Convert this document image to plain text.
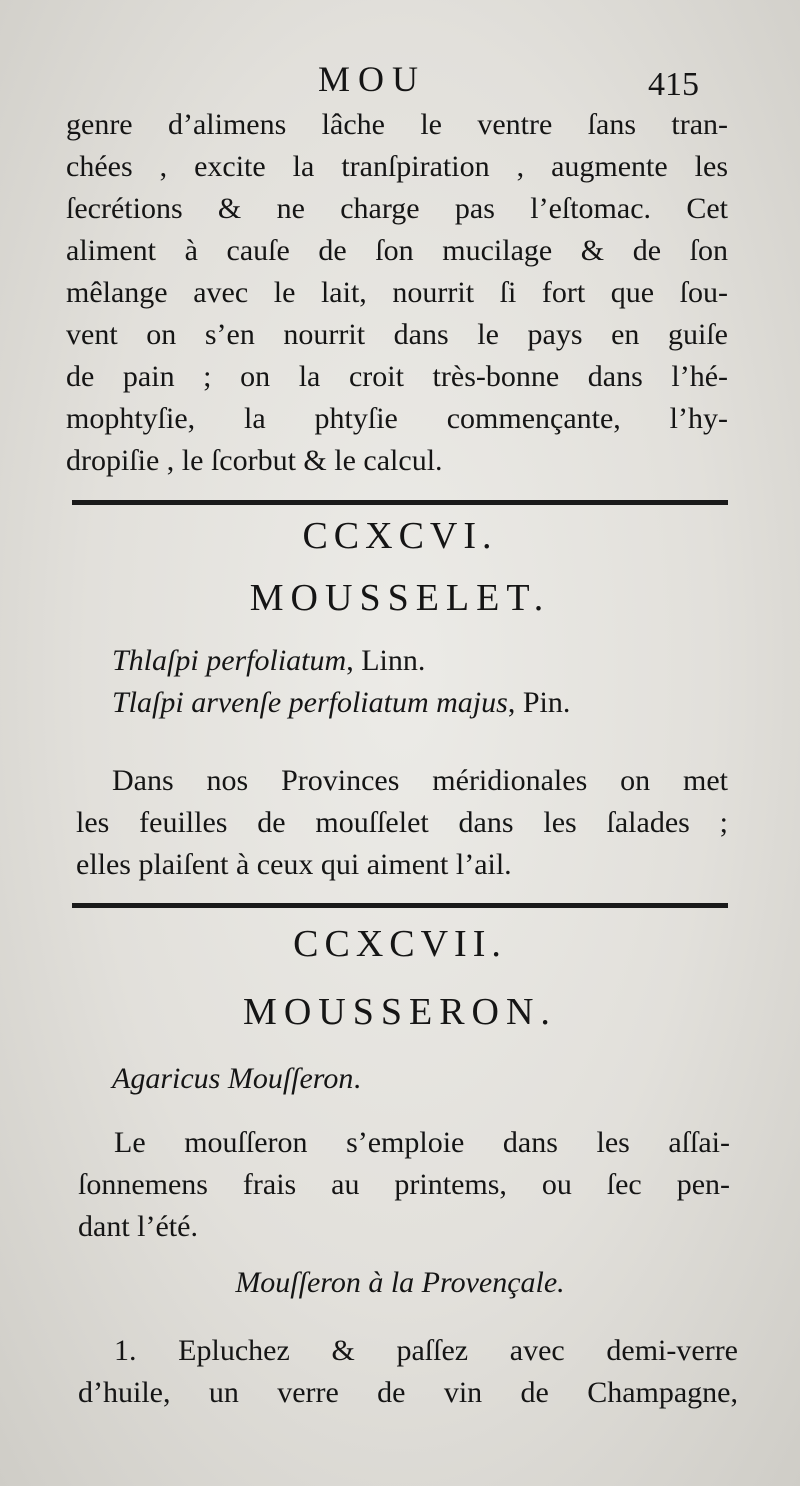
MOU	415
genre d’alimens lâche le ventre ſans tran-
chées , excite la tranſpiration , augmente les
ſecrétions & ne charge pas l’eſtomac. Cet
aliment à cauſe de ſon mucilage & de ſon
mêlange avec le lait, nourrit ſi fort que ſou-
vent on s’en nourrit dans le pays en guiſe
de pain ; on la croit très-bonne dans l’hé-
mophtyſie, la phtyſie commençante, l’hy-
dropiſie , le ſcorbut & le calcul.
CCXCVI.
MOUSSELET.
Thlaſpi perfoliatum, Linn.
Tlaſpi arvenſe perfoliatum majus, Pin.
Dans nos Provinces méridionales on met
les feuilles de mouſſelet dans les ſalades ;
elles plaiſent à ceux qui aiment l’ail.
CCXCVII.
MOUSSERON.
Agaricus Mouſſeron.
Le mouſſeron s’emploie dans les aſſai-
ſonnemens frais au printems, ou ſec pen-
dant l’été.
Mouſſeron à la Provençale.
1. Epluchez & paſſez avec demi-verre
d’huile, un verre de vin de Champagne,
